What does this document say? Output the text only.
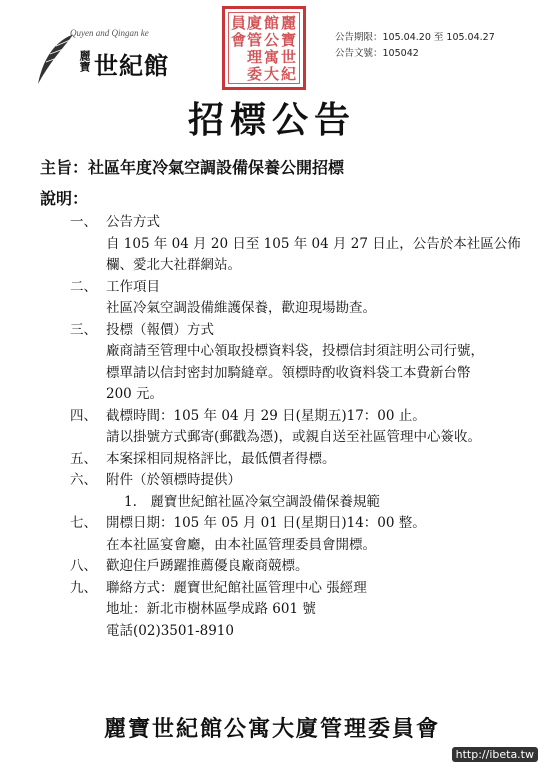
Quyen and Qingan ke
麗寶 世紀館
麗
寶
世
紀
館
公
寓
大
廈
管
理
委
員
會	公告期限：105.04.20 至 105.04.27
公告文號：105042
招標公告
主旨：社區年度冷氣空調設備保養公開招標
說明：
一、 公告方式
自 105 年 04 月 20 日至 105 年 04 月 27 日止，公告於本社區公佈
欄、愛北大社群網站。
二、 工作項目
社區冷氣空調設備維護保養，歡迎現場勘查。
三、 投標（報價）方式
廠商請至管理中心領取投標資料袋，投標信封須註明公司行號，
標單請以信封密封加騎縫章。領標時酌收資料袋工本費新台幣
200 元。
四、 截標時間：105 年 04 月 29 日(星期五)17：00 止。
請以掛號方式郵寄(郵戳為憑)，或親自送至社區管理中心簽收。
五、 本案採相同規格評比，最低價者得標。
六、 附件（於領標時提供）
1.　麗寶世紀館社區冷氣空調設備保養規範
七、 開標日期：105 年 05 月 01 日(星期日)14：00 整。
在本社區宴會廳，由本社區管理委員會開標。
八、 歡迎住戶踴躍推薦優良廠商競標。
九、 聯絡方式：麗寶世紀館社區管理中心 張經理
地址：新北市樹林區學成路 601 號
電話(02)3501-8910
麗寶世紀館公寓大廈管理委員會
http://ibeta.tw
